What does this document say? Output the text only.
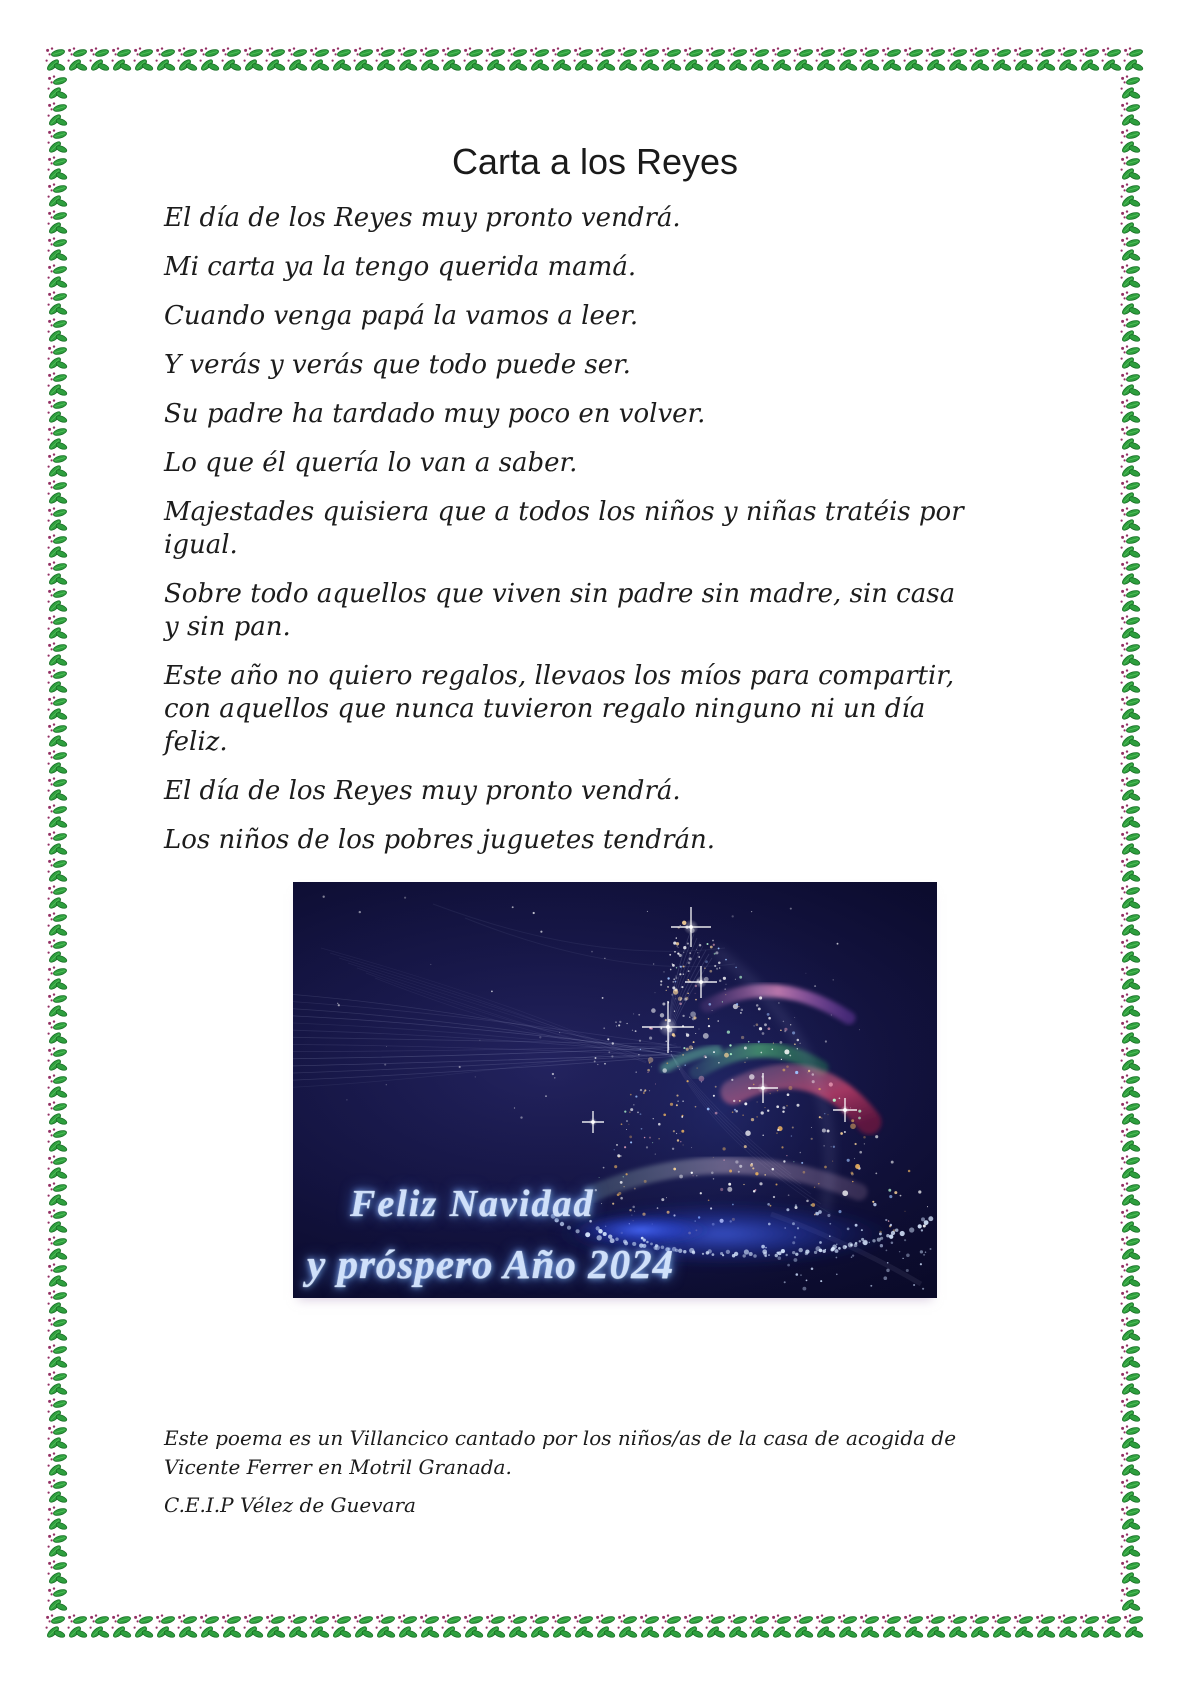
Carta a los Reyes

El día de los Reyes muy pronto vendrá.

Mi carta ya la tengo querida mamá.

Cuando venga papá la vamos a leer.

Y verás y verás que todo puede ser.

Su padre ha tardado muy poco en volver.

Lo que él quería lo van a saber.

Majestades quisiera que a todos los niños y niñas tratéis por igual.

Sobre todo aquellos que viven sin padre sin madre, sin casa y sin pan.

Este año no quiero regalos, llevaos los míos para compartir, con aquellos que nunca tuvieron regalo ninguno ni un día feliz.

El día de los Reyes muy pronto vendrá.

Los niños de los pobres juguetes tendrán.

Feliz Navidad
y próspero Año 2024

Este poema es un Villancico cantado por los niños/as de la casa de acogida de Vicente Ferrer en Motril Granada.

C.E.I.P Vélez de Guevara
